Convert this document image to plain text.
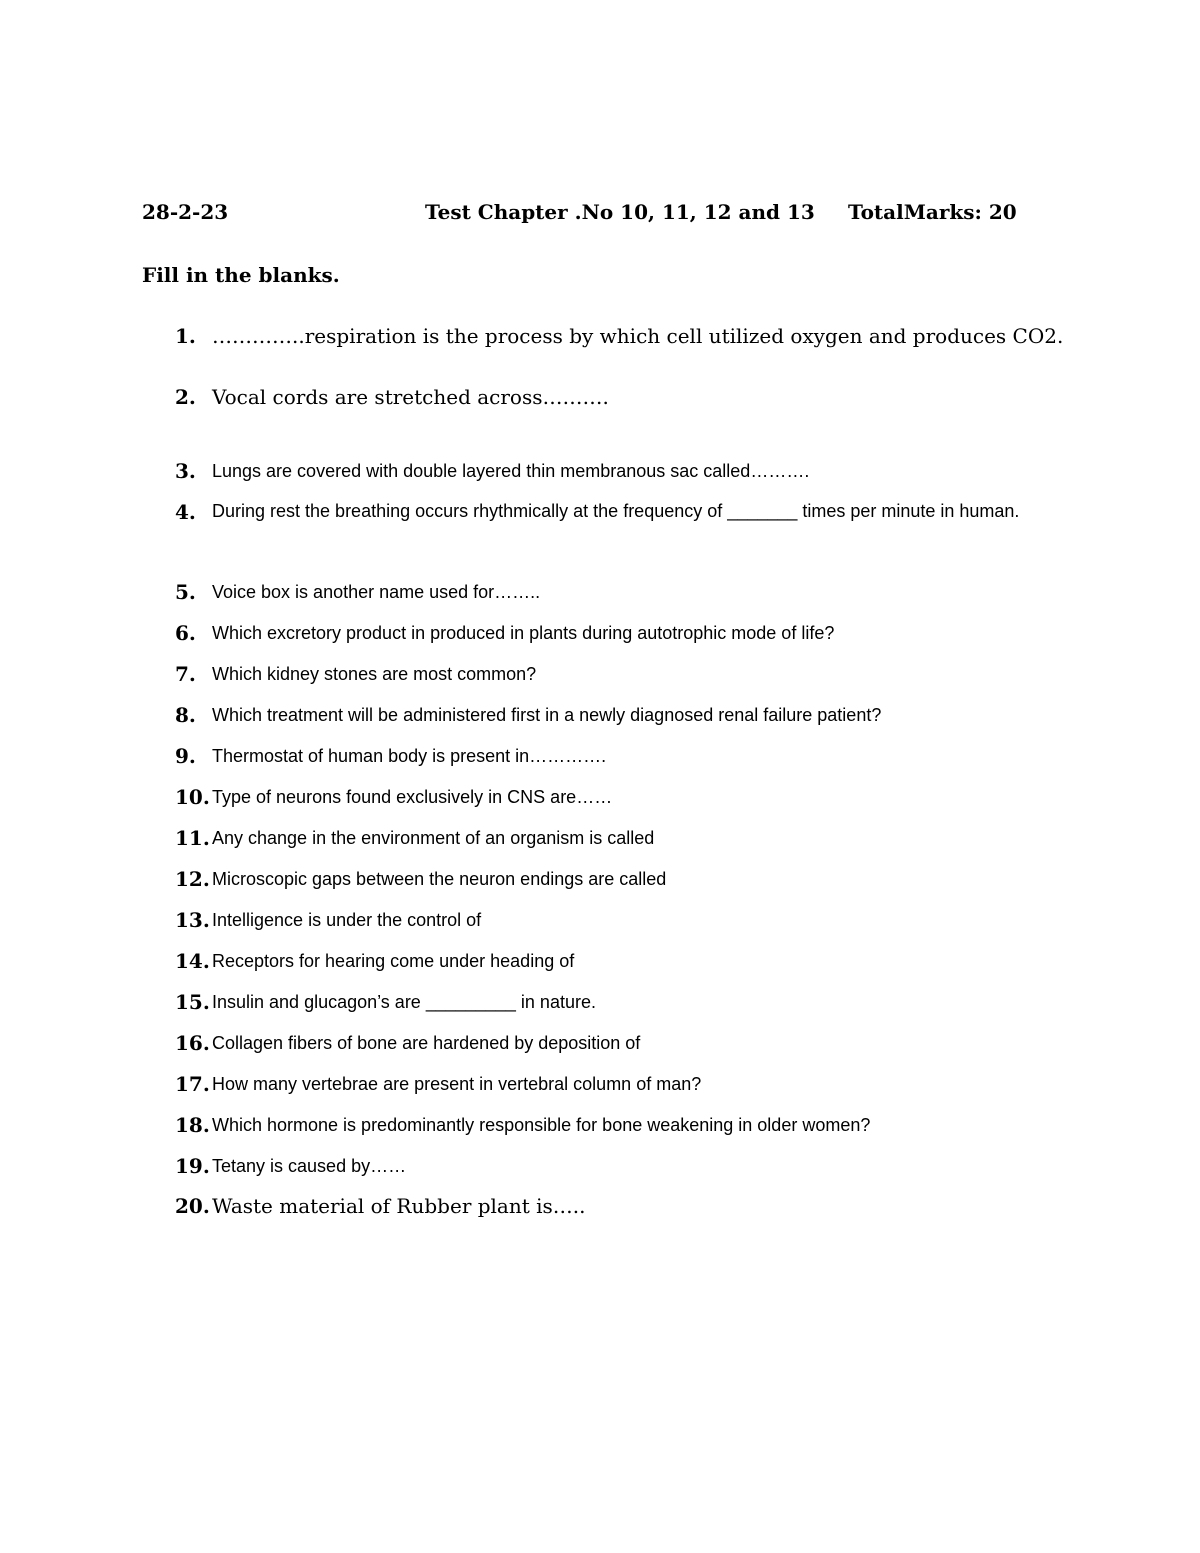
28-2-23	Test Chapter .No 10, 11, 12 and 13 TotalMarks: 20
Fill in the blanks.
1. …………..respiration is the process by which cell utilized oxygen and produces CO2.
2. Vocal cords are stretched across……….
3. Lungs are covered with double layered thin membranous sac called……….
4. During rest the breathing occurs rhythmically at the frequency of _______ times per minute in human.
5. Voice box is another name used for……..
6. Which excretory product in produced in plants during autotrophic mode of life?
7. Which kidney stones are most common?
8. Which treatment will be administered first in a newly diagnosed renal failure patient?
9. Thermostat of human body is present in………….
10. Type of neurons found exclusively in CNS are……
11. Any change in the environment of an organism is called
12. Microscopic gaps between the neuron endings are called
13. Intelligence is under the control of
14. Receptors for hearing come under heading of
15. Insulin and glucagon’s are _________ in nature.
16. Collagen fibers of bone are hardened by deposition of
17. How many vertebrae are present in vertebral column of man?
18. Which hormone is predominantly responsible for bone weakening in older women?
19. Tetany is caused by……
20. Waste material of Rubber plant is…..
